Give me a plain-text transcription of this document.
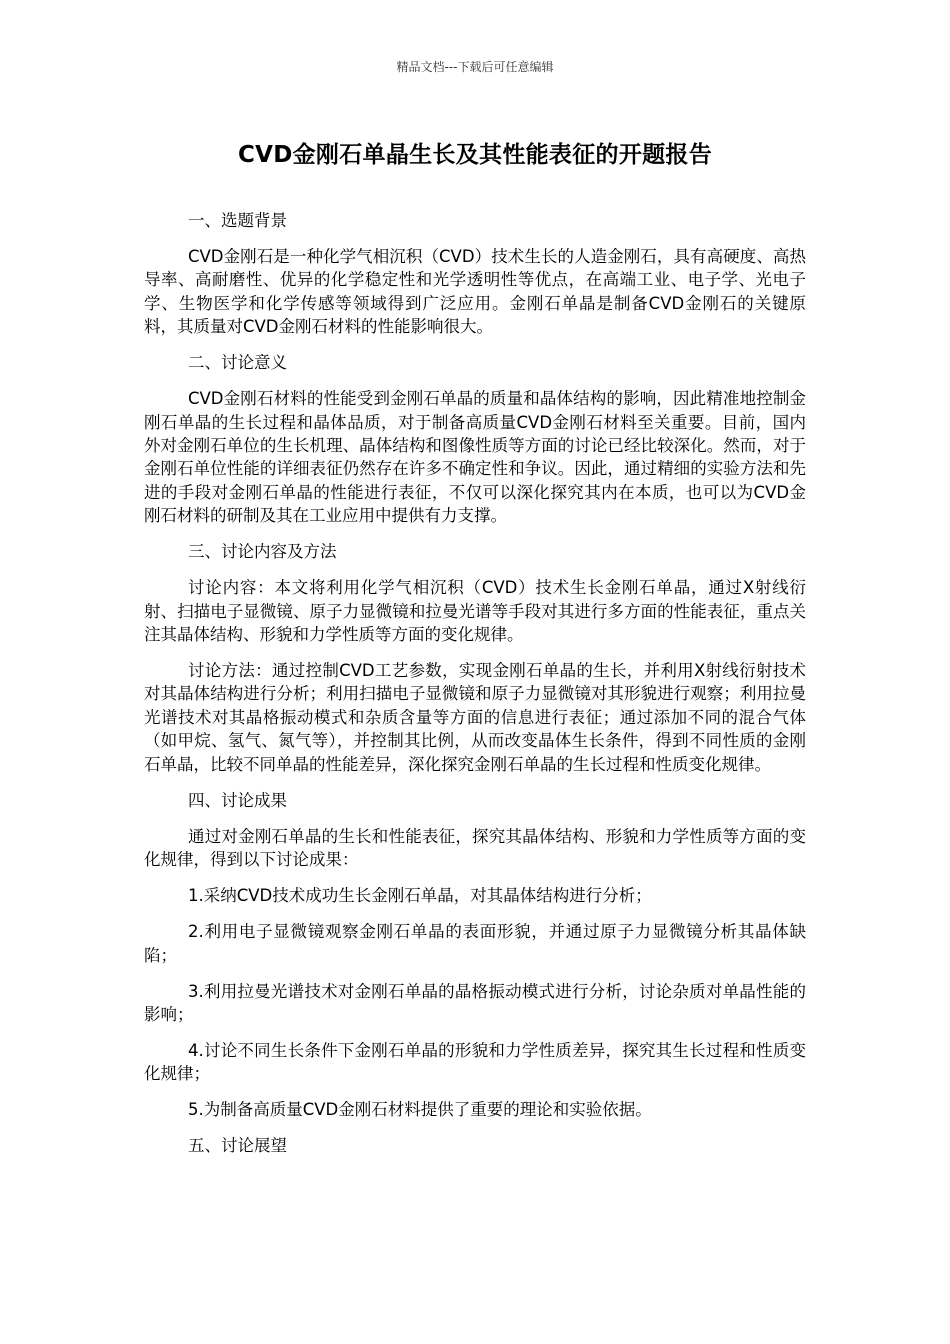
精品文档---下载后可任意编辑
CVD金刚石单晶生长及其性能表征的开题报告
一、选题背景
CVD金刚石是一种化学气相沉积（CVD）技术生长的人造金刚石，具有高硬度、高热导率、高耐磨性、优异的化学稳定性和光学透明性等优点，在高端工业、电子学、光电子学、生物医学和化学传感等领域得到广泛应用。金刚石单晶是制备CVD金刚石的关键原料，其质量对CVD金刚石材料的性能影响很大。
二、讨论意义
CVD金刚石材料的性能受到金刚石单晶的质量和晶体结构的影响，因此精准地控制金刚石单晶的生长过程和晶体品质，对于制备高质量CVD金刚石材料至关重要。目前，国内外对金刚石单位的生长机理、晶体结构和图像性质等方面的讨论已经比较深化。然而，对于金刚石单位性能的详细表征仍然存在许多不确定性和争议。因此，通过精细的实验方法和先进的手段对金刚石单晶的性能进行表征，不仅可以深化探究其内在本质，也可以为CVD金刚石材料的研制及其在工业应用中提供有力支撑。
三、讨论内容及方法
讨论内容：本文将利用化学气相沉积（CVD）技术生长金刚石单晶，通过X射线衍射、扫描电子显微镜、原子力显微镜和拉曼光谱等手段对其进行多方面的性能表征，重点关注其晶体结构、形貌和力学性质等方面的变化规律。
讨论方法：通过控制CVD工艺参数，实现金刚石单晶的生长，并利用X射线衍射技术对其晶体结构进行分析；利用扫描电子显微镜和原子力显微镜对其形貌进行观察；利用拉曼光谱技术对其晶格振动模式和杂质含量等方面的信息进行表征；通过添加不同的混合气体（如甲烷、氢气、氮气等），并控制其比例，从而改变晶体生长条件，得到不同性质的金刚石单晶，比较不同单晶的性能差异，深化探究金刚石单晶的生长过程和性质变化规律。
四、讨论成果
通过对金刚石单晶的生长和性能表征，探究其晶体结构、形貌和力学性质等方面的变化规律，得到以下讨论成果：
1.采纳CVD技术成功生长金刚石单晶，对其晶体结构进行分析；
2.利用电子显微镜观察金刚石单晶的表面形貌，并通过原子力显微镜分析其晶体缺陷；
3.利用拉曼光谱技术对金刚石单晶的晶格振动模式进行分析，讨论杂质对单晶性能的影响；
4.讨论不同生长条件下金刚石单晶的形貌和力学性质差异，探究其生长过程和性质变化规律；
5.为制备高质量CVD金刚石材料提供了重要的理论和实验依据。
五、讨论展望
